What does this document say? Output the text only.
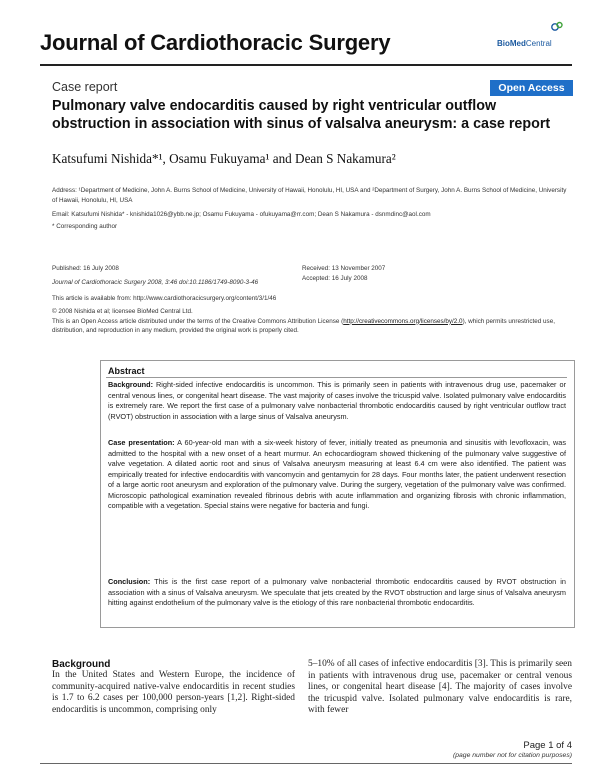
Journal of Cardiothoracic Surgery	BioMedCentral
Case report	Open Access
Pulmonary valve endocarditis caused by right ventricular outflow obstruction in association with sinus of valsalva aneurysm: a case report
Katsufumi Nishida*¹, Osamu Fukuyama¹ and Dean S Nakamura²
Address: ¹Department of Medicine, John A. Burns School of Medicine, University of Hawaii, Honolulu, HI, USA and ²Department of Surgery, John A. Burns School of Medicine, University of Hawaii, Honolulu, HI, USA
Email: Katsufumi Nishida* - knishida1026@ybb.ne.jp; Osamu Fukuyama - ofukuyama@rr.com; Dean S Nakamura - dsnmdinc@aol.com
* Corresponding author
Published: 16 July 2008
Journal of Cardiothoracic Surgery 2008, 3:46 doi:10.1186/1749-8090-3-46
Received: 13 November 2007
Accepted: 16 July 2008
This article is available from: http://www.cardiothoracicsurgery.org/content/3/1/46
© 2008 Nishida et al; licensee BioMed Central Ltd.
This is an Open Access article distributed under the terms of the Creative Commons Attribution License (http://creativecommons.org/licenses/by/2.0), which permits unrestricted use, distribution, and reproduction in any medium, provided the original work is properly cited.
Abstract
Background: Right-sided infective endocarditis is uncommon. This is primarily seen in patients with intravenous drug use, pacemaker or central venous lines, or congenital heart disease. The vast majority of cases involve the tricuspid valve. Isolated pulmonary valve endocarditis is extremely rare. We report the first case of a pulmonary valve nonbacterial thrombotic endocarditis caused by right ventricular outflow tract (RVOT) obstruction in association with a large sinus of Valsalva aneurysm.
Case presentation: A 60-year-old man with a six-week history of fever, initially treated as pneumonia and sinusitis with levofloxacin, was admitted to the hospital with a new onset of a heart murmur. An echocardiogram showed thickening of the pulmonary valve suggestive of valve vegetation. A dilated aortic root and sinus of Valsalva aneurysm measuring at least 6.4 cm were also identified. The patient was empirically treated for infective endocarditis with vancomycin and gentamycin for 28 days. Four months later, the patient underwent resection of a large aortic root aneurysm and exploration of the pulmonary valve. During the surgery, vegetation of the pulmonary valve was confirmed. Microscopic pathological examination revealed fibrinous debris with acute inflammation and organizing fibrosis with chronic inflammation, compatible with a vegetation. Special stains were negative for bacteria and fungi.
Conclusion: This is the first case report of a pulmonary valve nonbacterial thrombotic endocarditis caused by RVOT obstruction in association with a sinus of Valsalva aneurysm. We speculate that jets created by the RVOT obstruction and large sinus of Valsalva aneurysm hitting against endothelium of the pulmonary valve is the etiology of this rare nonbacterial thrombotic endocarditis.
Background
In the United States and Western Europe, the incidence of community-acquired native-valve endocarditis in recent studies is 1.7 to 6.2 cases per 100,000 person-years [1,2]. Right-sided endocarditis is uncommon, comprising only
5–10% of all cases of infective endocarditis [3]. This is primarily seen in patients with intravenous drug use, pacemaker or central venous lines, or congenital heart disease [4]. The majority of cases involve the tricuspid valve. Isolated pulmonary valve endocarditis is rare, with fewer
Page 1 of 4
(page number not for citation purposes)
